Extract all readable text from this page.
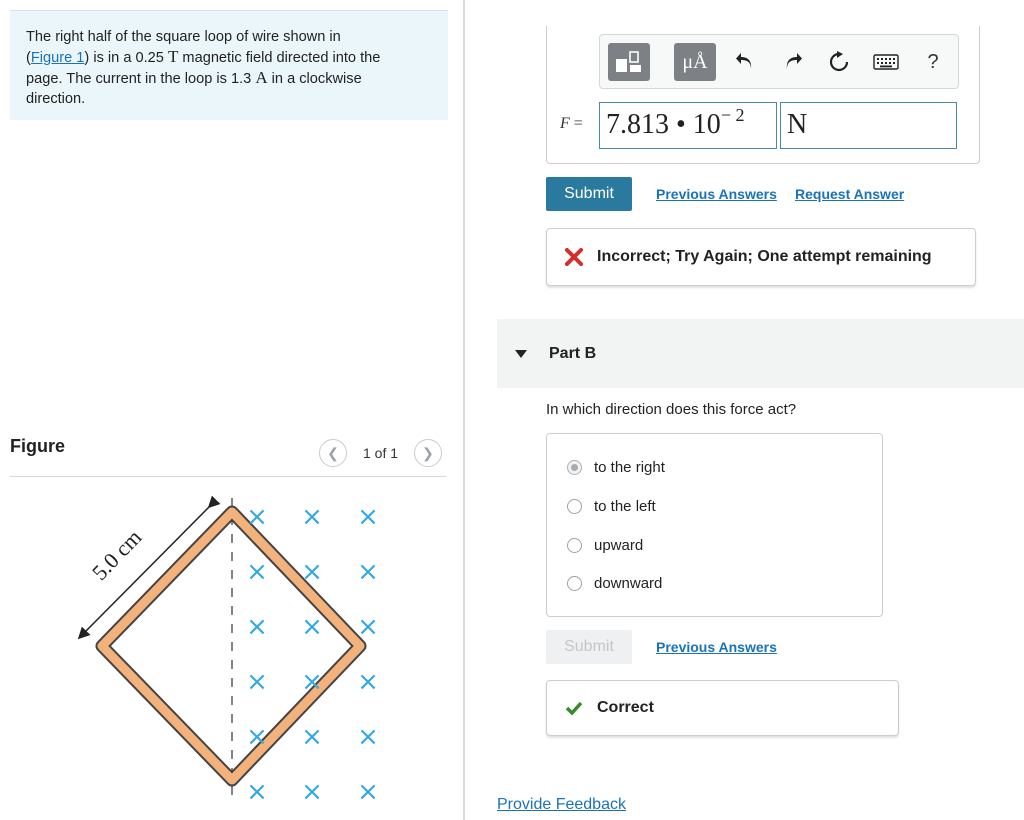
The right half of the square loop of wire shown in
(Figure 1) is in a 0.25 T magnetic field directed into the
page. The current in the loop is 1.3 A in a clockwise
direction.
Figure	❮	1 of 1	❯
5.0 cm
× × ×
× × ×
× × ×
× × ×
× × ×
× × ×
μÅ	?
F = 7.813 • $10^{- 2}$	N
Submit	Previous Answers Request Answer
Incorrect; Try Again; One attempt remaining
Part B
In which direction does this force act?
to the right
to the left
upward
downward
Submit	Previous Answers
Correct
Provide Feedback
